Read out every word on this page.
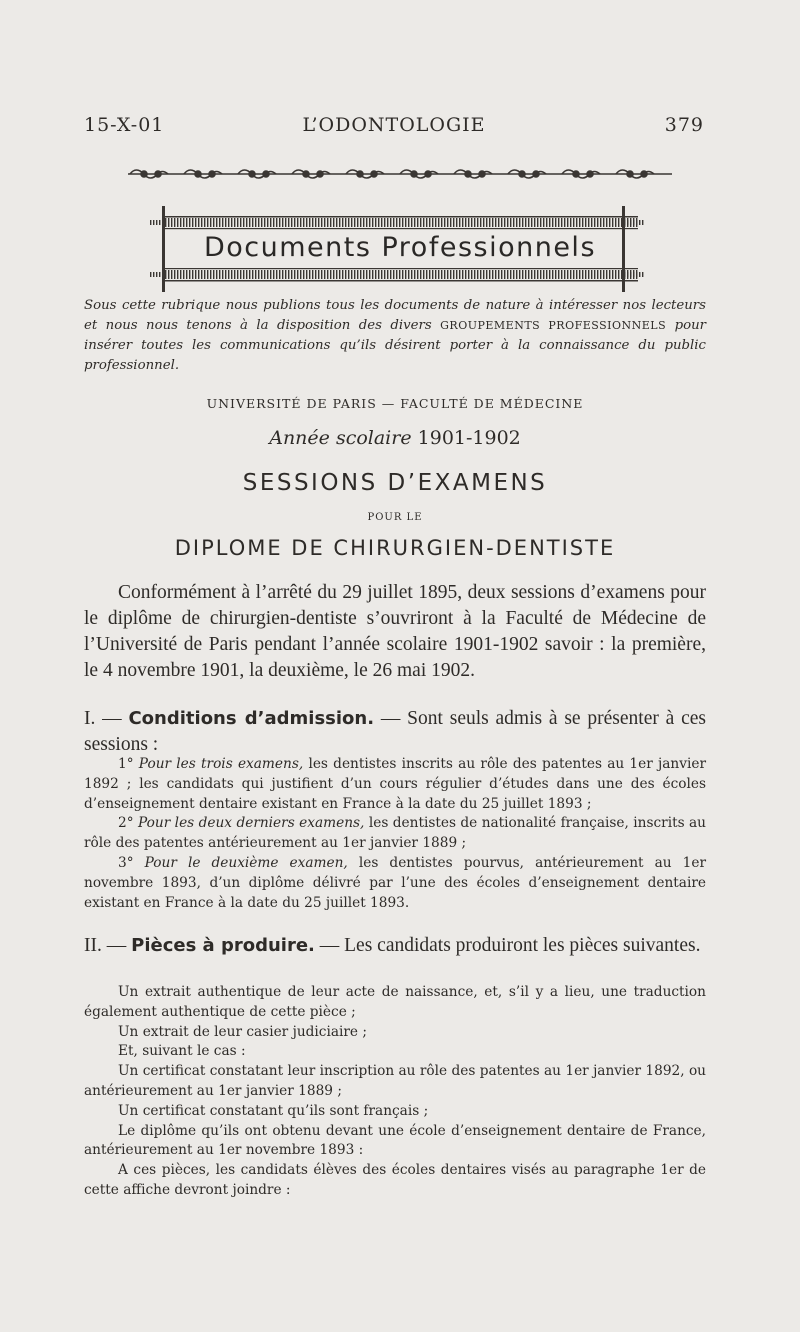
15-X-01	L’ODONTOLOGIE	379
Documents Professionnels
Sous cette rubrique nous publions tous les documents de nature à intéresser nos lecteurs et nous nous tenons à la disposition des divers GROUPEMENTS PROFESSIONNELS pour insérer toutes les communications qu’ils désirent porter à la connaissance du public professionnel.
UNIVERSITÉ DE PARIS — FACULTÉ DE MÉDECINE
Année scolaire 1901-1902
SESSIONS D’EXAMENS
POUR LE
DIPLOME DE CHIRURGIEN-DENTISTE
Conformément à l’arrêté du 29 juillet 1895, deux sessions d’examens pour le diplôme de chirurgien-dentiste s’ouvriront à la Faculté de Médecine de l’Université de Paris pendant l’année scolaire 1901-1902 savoir : la première, le 4 novembre 1901, la deuxième, le 26 mai 1902.
I. — Conditions d’admission. — Sont seuls admis à se présenter à ces sessions :

1° Pour les trois examens, les dentistes inscrits au rôle des patentes au 1er janvier 1892 ; les candidats qui justifient d’un cours régulier d’études dans une des écoles d’enseignement dentaire existant en France à la date du 25 juillet 1893 ;

2° Pour les deux derniers examens, les dentistes de nationalité française, inscrits au rôle des patentes antérieurement au 1er janvier 1889 ;

3° Pour le deuxième examen, les dentistes pourvus, antérieurement au 1er novembre 1893, d’un diplôme délivré par l’une des écoles d’enseignement dentaire existant en France à la date du 25 juillet 1893.

II. — Pièces à produire. — Les candidats produiront les pièces suivantes.

Un extrait authentique de leur acte de naissance, et, s’il y a lieu, une traduction également authentique de cette pièce ;

Un extrait de leur casier judiciaire ;

Et, suivant le cas :

Un certificat constatant leur inscription au rôle des patentes au 1er janvier 1892, ou antérieurement au 1er janvier 1889 ;

Un certificat constatant qu’ils sont français ;

Le diplôme qu’ils ont obtenu devant une école d’enseignement dentaire de France, antérieurement au 1er novembre 1893 :

A ces pièces, les candidats élèves des écoles dentaires visés au paragraphe 1er de cette affiche devront joindre :
